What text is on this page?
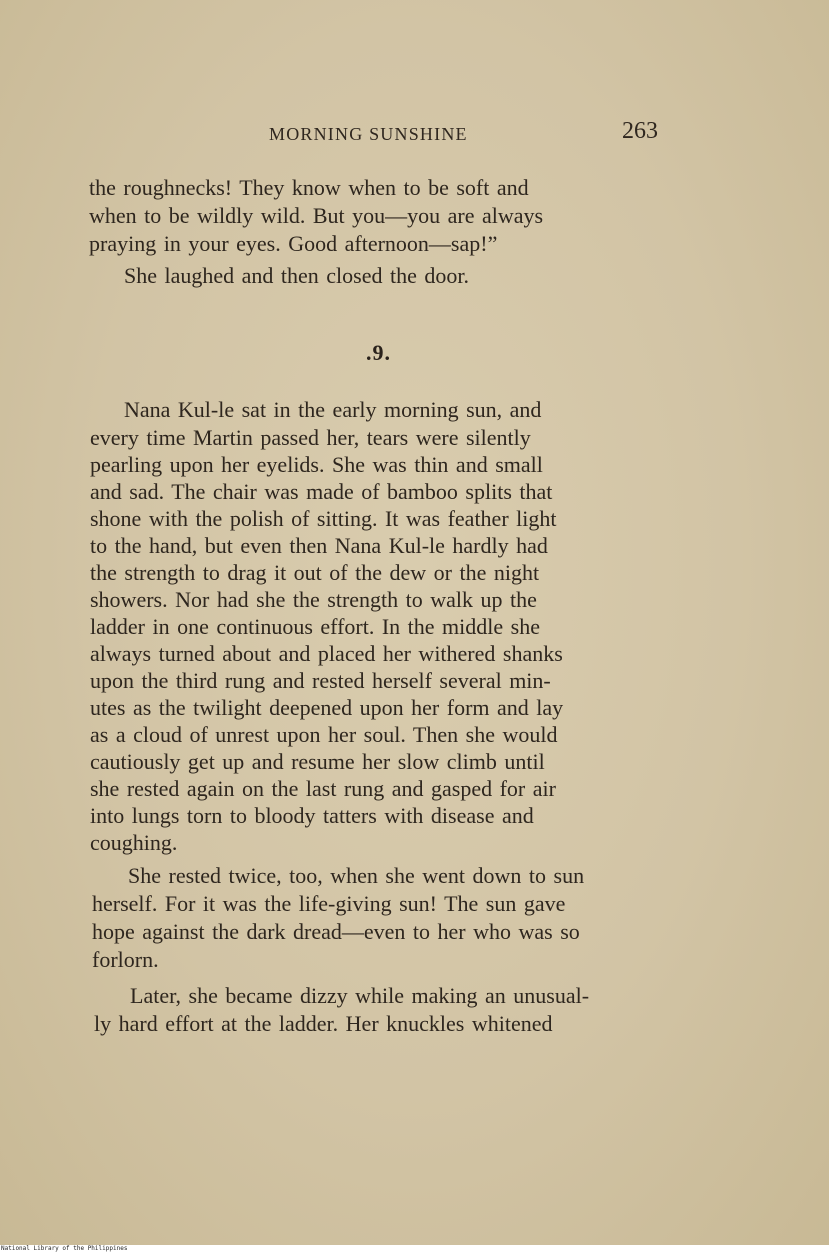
MORNING SUNSHINE	263
the roughnecks! They know when to be soft and
when to be wildly wild. But you—you are always
praying in your eyes. Good afternoon—sap!”
She laughed and then closed the door.
.9.
Nana Kul-le sat in the early morning sun, and
every time Martin passed her, tears were silently
pearling upon her eyelids. She was thin and small
and sad. The chair was made of bamboo splits that
shone with the polish of sitting. It was feather light
to the hand, but even then Nana Kul-le hardly had
the strength to drag it out of the dew or the night
showers. Nor had she the strength to walk up the
ladder in one continuous effort. In the middle she
always turned about and placed her withered shanks
upon the third rung and rested herself several min-
utes as the twilight deepened upon her form and lay
as a cloud of unrest upon her soul. Then she would
cautiously get up and resume her slow climb until
she rested again on the last rung and gasped for air
into lungs torn to bloody tatters with disease and
coughing.
She rested twice, too, when she went down to sun
herself. For it was the life-giving sun! The sun gave
hope against the dark dread—even to her who was so
forlorn.
Later, she became dizzy while making an unusual-
ly hard effort at the ladder. Her knuckles whitened
National Library of the Philippines
